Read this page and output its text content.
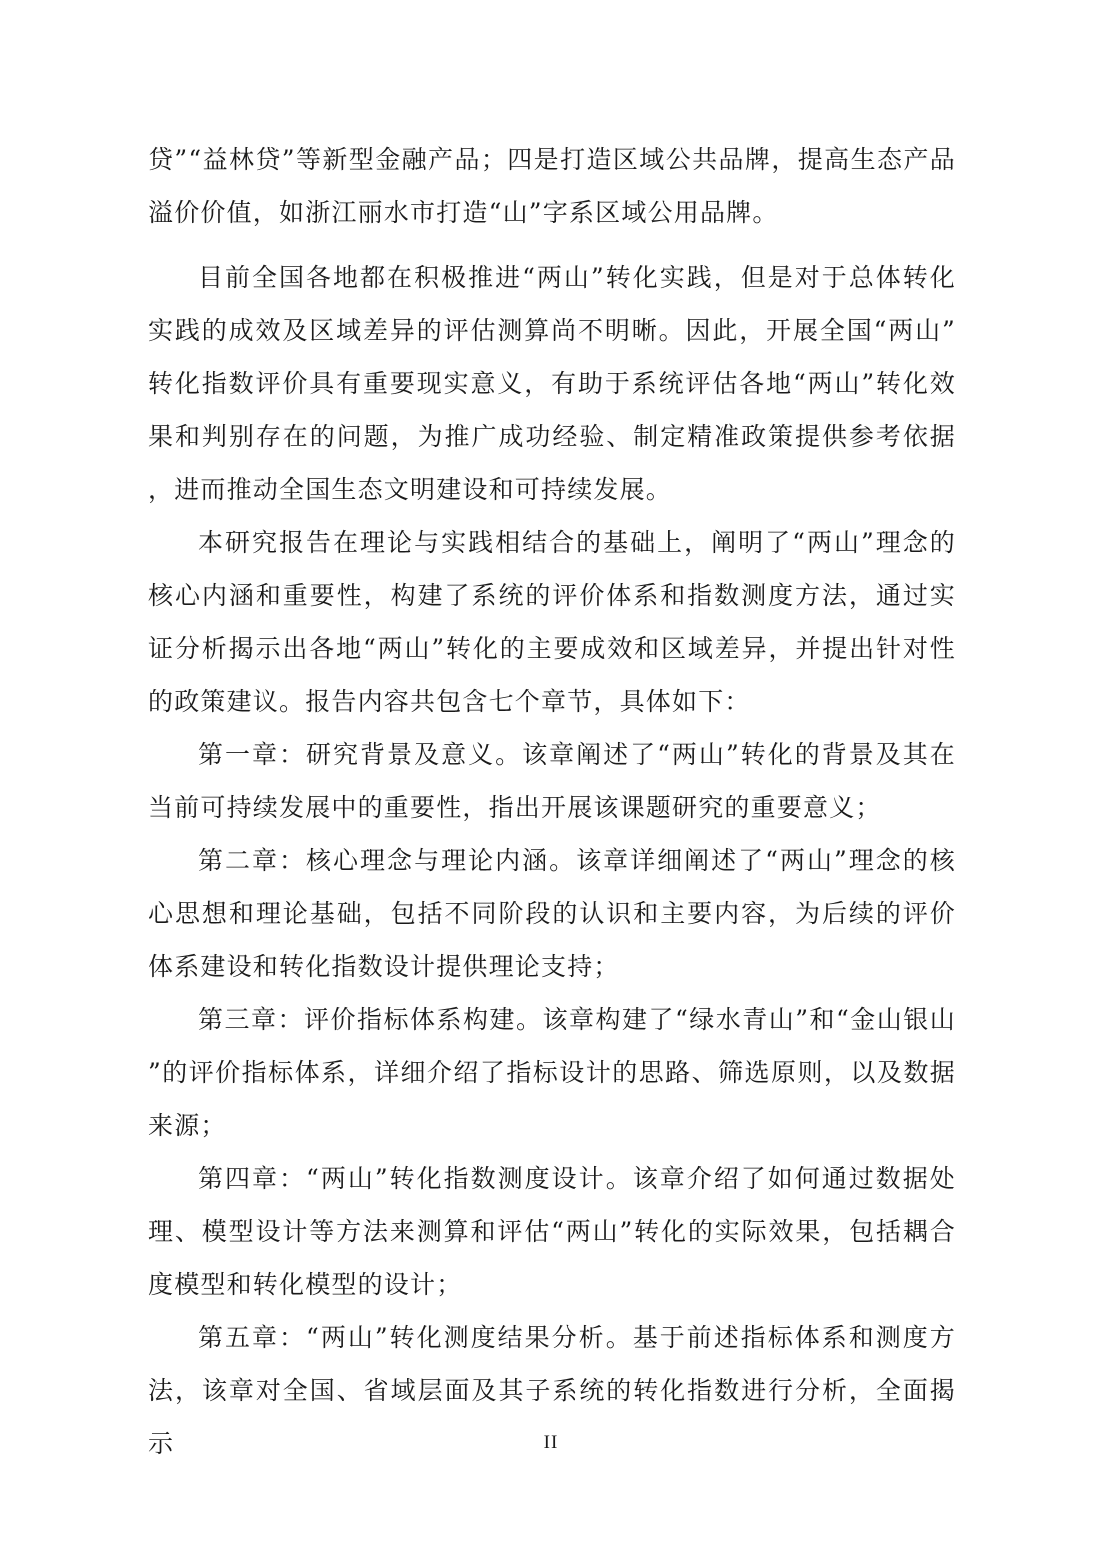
贷”“益林贷”等新型金融产品；四是打造区域公共品牌，提高生态产品溢价价值，如浙江丽水市打造“山”字系区域公用品牌。

目前全国各地都在积极推进“两山”转化实践，但是对于总体转化实践的成效及区域差异的评估测算尚不明晰。因此，开展全国“两山”转化指数评价具有重要现实意义，有助于系统评估各地“两山”转化效果和判别存在的问题，为推广成功经验、制定精准政策提供参考依据，进而推动全国生态文明建设和可持续发展。

本研究报告在理论与实践相结合的基础上，阐明了“两山”理念的核心内涵和重要性，构建了系统的评价体系和指数测度方法，通过实证分析揭示出各地“两山”转化的主要成效和区域差异，并提出针对性的政策建议。报告内容共包含七个章节，具体如下：

第一章：研究背景及意义。该章阐述了“两山”转化的背景及其在当前可持续发展中的重要性，指出开展该课题研究的重要意义；

第二章：核心理念与理论内涵。该章详细阐述了“两山”理念的核心思想和理论基础，包括不同阶段的认识和主要内容，为后续的评价体系建设和转化指数设计提供理论支持；

第三章：评价指标体系构建。该章构建了“绿水青山”和“金山银山”的评价指标体系，详细介绍了指标设计的思路、筛选原则，以及数据来源；

第四章：“两山”转化指数测度设计。该章介绍了如何通过数据处理、模型设计等方法来测算和评估“两山”转化的实际效果，包括耦合度模型和转化模型的设计；

第五章：“两山”转化测度结果分析。基于前述指标体系和测度方法，该章对全国、省域层面及其子系统的转化指数进行分析，全面揭示	II
